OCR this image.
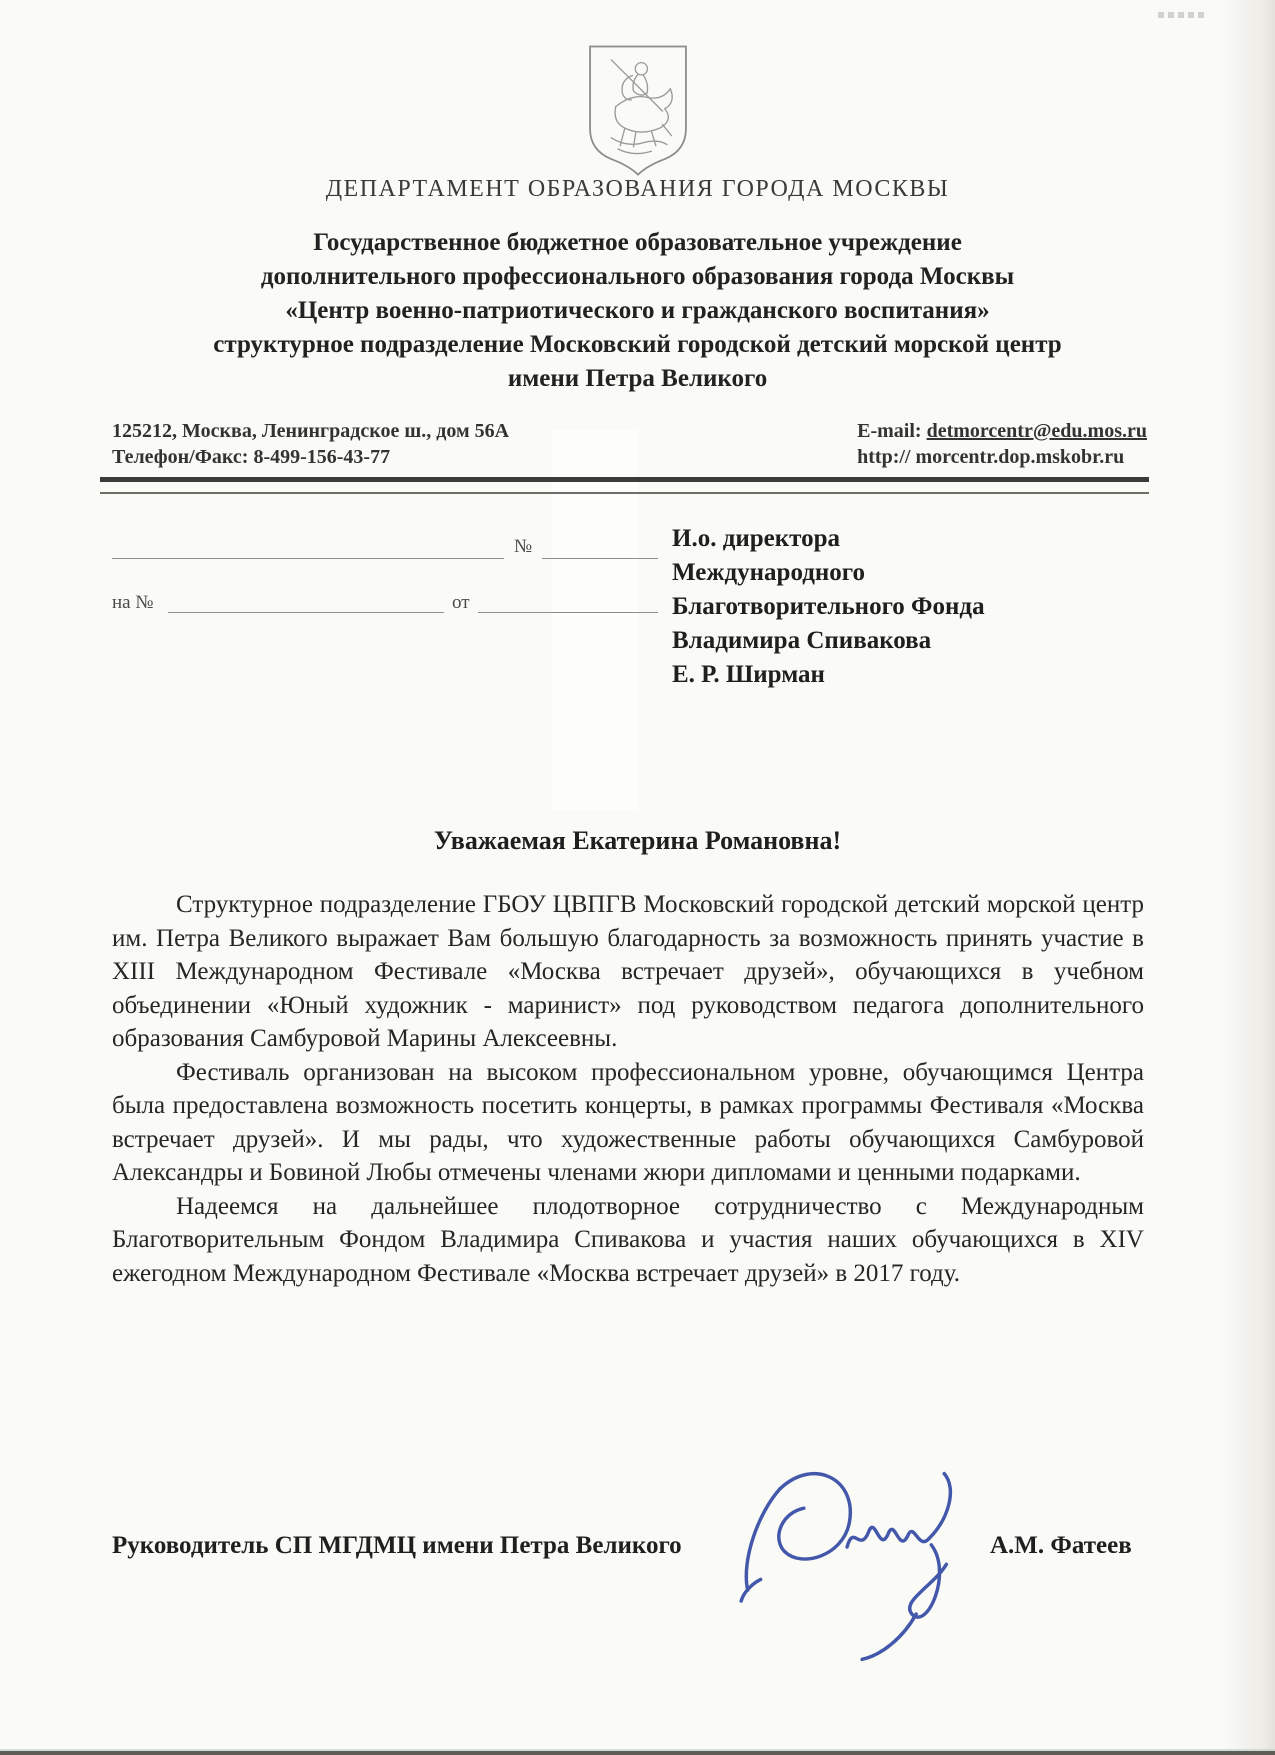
ДЕПАРТАМЕНТ ОБРАЗОВАНИЯ ГОРОДА МОСКВЫ
Государственное бюджетное образовательное учреждение
дополнительного профессионального образования города Москвы
«Центр военно-патриотического и гражданского воспитания»
структурное подразделение Московский городской детский морской центр
имени Петра Великого
125212, Москва, Ленинградское ш., дом 56А
Телефон/Факс: 8-499-156-43-77
E-mail: detmorcentr@edu.mos.ru
http:// morcentr.dop.mskobr.ru
№
на №	от
И.о. директора
Международного
Благотворительного Фонда
Владимира Спивакова
Е. Р. Ширман
Уважаемая Екатерина Романовна!

Структурное подразделение ГБОУ ЦВПГВ Московский городской детский морской центр им. Петра Великого выражает Вам большую благодарность за возможность принять участие в XIII Международном Фестивале «Москва встречает друзей», обучающихся в учебном объединении «Юный художник - маринист» под руководством педагога дополнительного образования Самбуровой Марины Алексеевны.

Фестиваль организован на высоком профессиональном уровне, обучающимся Центра была предоставлена возможность посетить концерты, в рамках программы Фестиваля «Москва встречает друзей». И мы рады, что художественные работы обучающихся Самбуровой Александры и Бовиной Любы отмечены членами жюри дипломами и ценными подарками.

Надеемся на дальнейшее плодотворное сотрудничество с Международным Благотворительным Фондом Владимира Спивакова и участия наших обучающихся в XIV ежегодном Международном Фестивале «Москва встречает друзей» в 2017 году.

Руководитель СП МГДМЦ имени Петра Великого	А.М. Фатеев
